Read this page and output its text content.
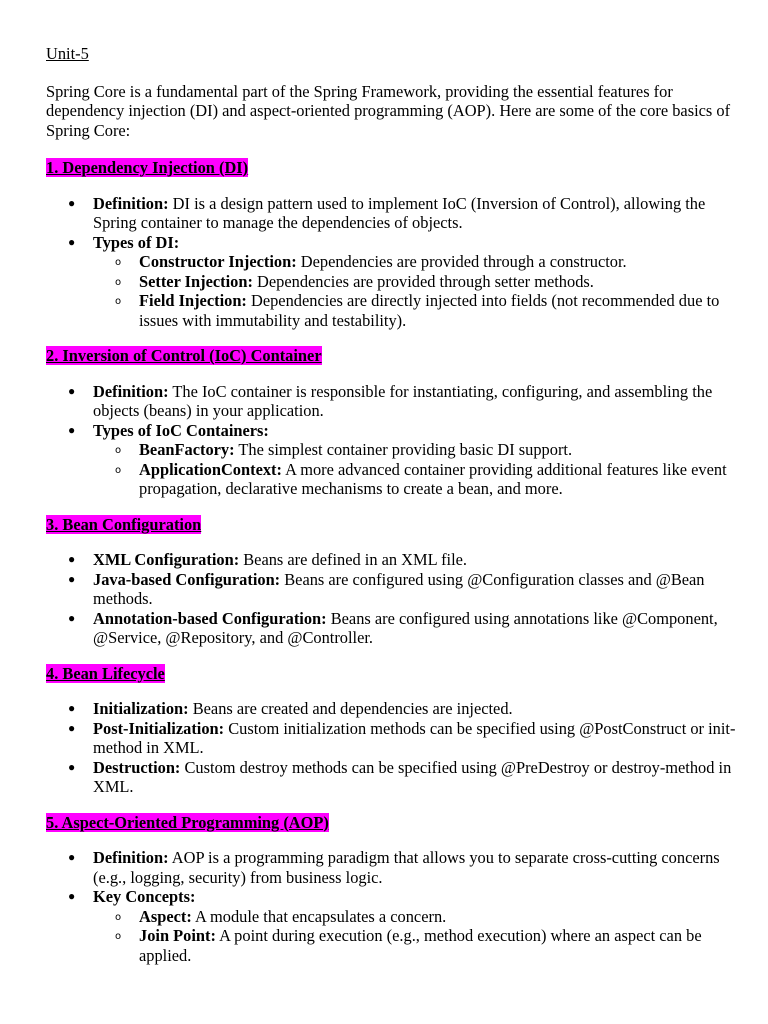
Unit-5

Spring Core is a fundamental part of the Spring Framework, providing the essential features for dependency injection (DI) and aspect-oriented programming (AOP). Here are some of the core basics of Spring Core:

1. Dependency Injection (DI)
● Definition: DI is a design pattern used to implement IoC (Inversion of Control), allowing the Spring container to manage the dependencies of objects.
● Types of DI:
o Constructor Injection: Dependencies are provided through a constructor.
o Setter Injection: Dependencies are provided through setter methods.
o Field Injection: Dependencies are directly injected into fields (not recommended due to issues with immutability and testability).
2. Inversion of Control (IoC) Container
● Definition: The IoC container is responsible for instantiating, configuring, and assembling the objects (beans) in your application.
● Types of IoC Containers:
o BeanFactory: The simplest container providing basic DI support.
o ApplicationContext: A more advanced container providing additional features like event propagation, declarative mechanisms to create a bean, and more.
3. Bean Configuration
● XML Configuration: Beans are defined in an XML file.
● Java-based Configuration: Beans are configured using @Configuration classes and @Bean methods.
● Annotation-based Configuration: Beans are configured using annotations like @Component, @Service, @Repository, and @Controller.
4. Bean Lifecycle
● Initialization: Beans are created and dependencies are injected.
● Post-Initialization: Custom initialization methods can be specified using @PostConstruct or init-method in XML.
● Destruction: Custom destroy methods can be specified using @PreDestroy or destroy-method in XML.
5. Aspect-Oriented Programming (AOP)
● Definition: AOP is a programming paradigm that allows you to separate cross-cutting concerns (e.g., logging, security) from business logic.
● Key Concepts:
o Aspect: A module that encapsulates a concern.
o Join Point: A point during execution (e.g., method execution) where an aspect can be applied.
